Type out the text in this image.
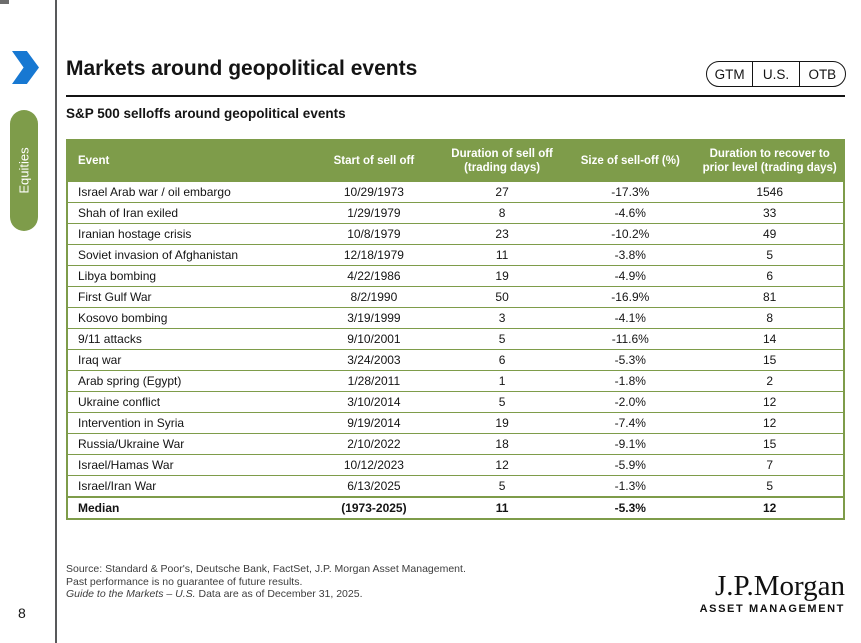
Equities
Markets around geopolitical events	GTM	U.S.	OTB
S&P 500 selloffs around geopolitical events
Event	Start of sell off	Duration of sell off (trading days)	Size of sell-off (%)	Duration to recover to prior level (trading days)
Israel Arab war / oil embargo	10/29/1973	27	-17.3%	1546
Shah of Iran exiled	1/29/1979	8	-4.6%	33
Iranian hostage crisis	10/8/1979	23	-10.2%	49
Soviet invasion of Afghanistan	12/18/1979	11	-3.8%	5
Libya bombing	4/22/1986	19	-4.9%	6
First Gulf War	8/2/1990	50	-16.9%	81
Kosovo bombing	3/19/1999	3	-4.1%	8
9/11 attacks	9/10/2001	5	-11.6%	14
Iraq war	3/24/2003	6	-5.3%	15
Arab spring (Egypt)	1/28/2011	1	-1.8%	2
Ukraine conflict	3/10/2014	5	-2.0%	12
Intervention in Syria	9/19/2014	19	-7.4%	12
Russia/Ukraine War	2/10/2022	18	-9.1%	15
Israel/Hamas War	10/12/2023	12	-5.9%	7
Israel/Iran War	6/13/2025	5	-1.3%	5
Median	(1973-2025)	11	-5.3%	12
Source: Standard & Poor's, Deutsche Bank, FactSet, J.P. Morgan Asset Management.
Past performance is no guarantee of future results.
Guide to the Markets – U.S. Data are as of December 31, 2025.	J.P.Morgan
ASSET MANAGEMENT
8
